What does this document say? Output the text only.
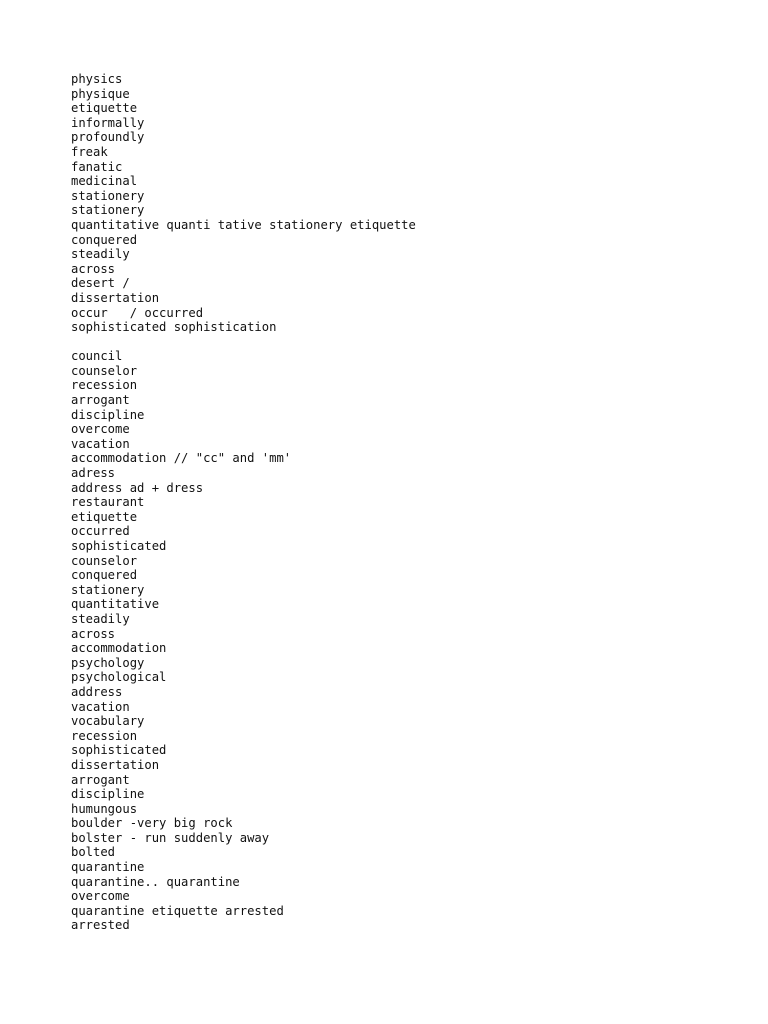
physics
physique
etiquette
informally
profoundly
freak
fanatic
medicinal
stationery
stationery
quantitative quanti tative stationery etiquette
conquered
steadily
across
desert /
dissertation
occur   / occurred
sophisticated sophistication
council
counselor
recession
arrogant
discipline
overcome
vacation
accommodation // "cc" and 'mm'
adress
address ad + dress
restaurant
etiquette
occurred
sophisticated
counselor
conquered
stationery
quantitative
steadily
across
accommodation
psychology
psychological
address
vacation
vocabulary
recession
sophisticated
dissertation
arrogant
discipline
humungous
boulder -very big rock
bolster - run suddenly away
bolted
quarantine
quarantine.. quarantine
overcome
quarantine etiquette arrested
arrested
